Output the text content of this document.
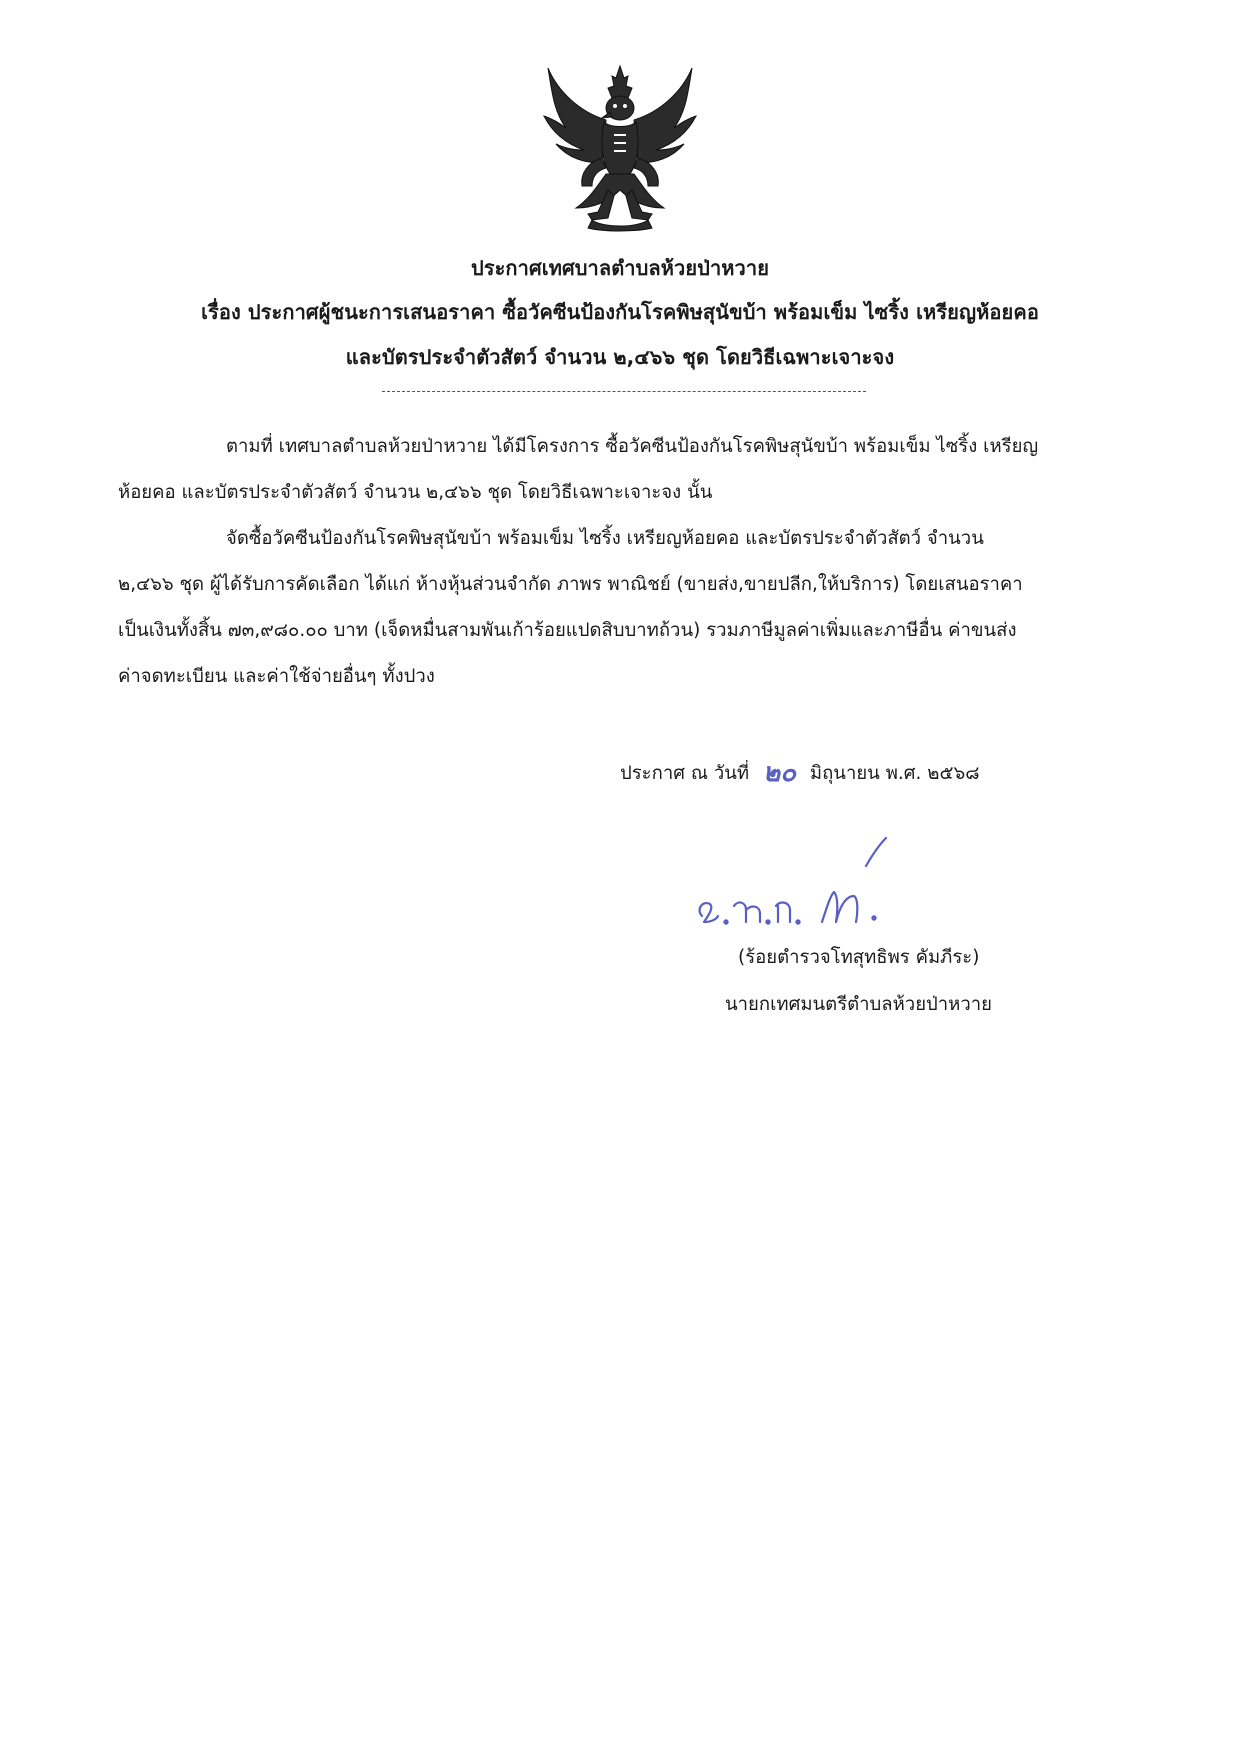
ประกาศเทศบาลตำบลห้วยป่าหวาย
เรื่อง ประกาศผู้ชนะการเสนอราคา ซื้อวัคซีนป้องกันโรคพิษสุนัขบ้า พร้อมเข็ม ไซริ้ง เหรียญห้อยคอ
และบัตรประจำตัวสัตว์ จำนวน ๒,๔๖๖ ชุด โดยวิธีเฉพาะเจาะจง
ตามที่ เทศบาลตำบลห้วยป่าหวาย ได้มีโครงการ ซื้อวัคซีนป้องกันโรคพิษสุนัขบ้า พร้อมเข็ม ไซริ้ง เหรียญ
ห้อยคอ และบัตรประจำตัวสัตว์ จำนวน ๒,๔๖๖ ชุด โดยวิธีเฉพาะเจาะจง นั้น
จัดซื้อวัคซีนป้องกันโรคพิษสุนัขบ้า พร้อมเข็ม ไซริ้ง เหรียญห้อยคอ และบัตรประจำตัวสัตว์ จำนวน
๒,๔๖๖ ชุด ผู้ได้รับการคัดเลือก ได้แก่ ห้างหุ้นส่วนจำกัด ภาพร พาณิชย์ (ขายส่ง,ขายปลีก,ให้บริการ) โดยเสนอราคา
เป็นเงินทั้งสิ้น ๗๓,๙๘๐.๐๐ บาท (เจ็ดหมื่นสามพันเก้าร้อยแปดสิบบาทถ้วน) รวมภาษีมูลค่าเพิ่มและภาษีอื่น ค่าขนส่ง
ค่าจดทะเบียน และค่าใช้จ่ายอื่นๆ ทั้งปวง
ประกาศ ณ วันที่ ๒๐ มิถุนายน พ.ศ. ๒๕๖๘
(ร้อยตำรวจโทสุทธิพร คัมภีระ)
นายกเทศมนตรีตำบลห้วยป่าหวาย
